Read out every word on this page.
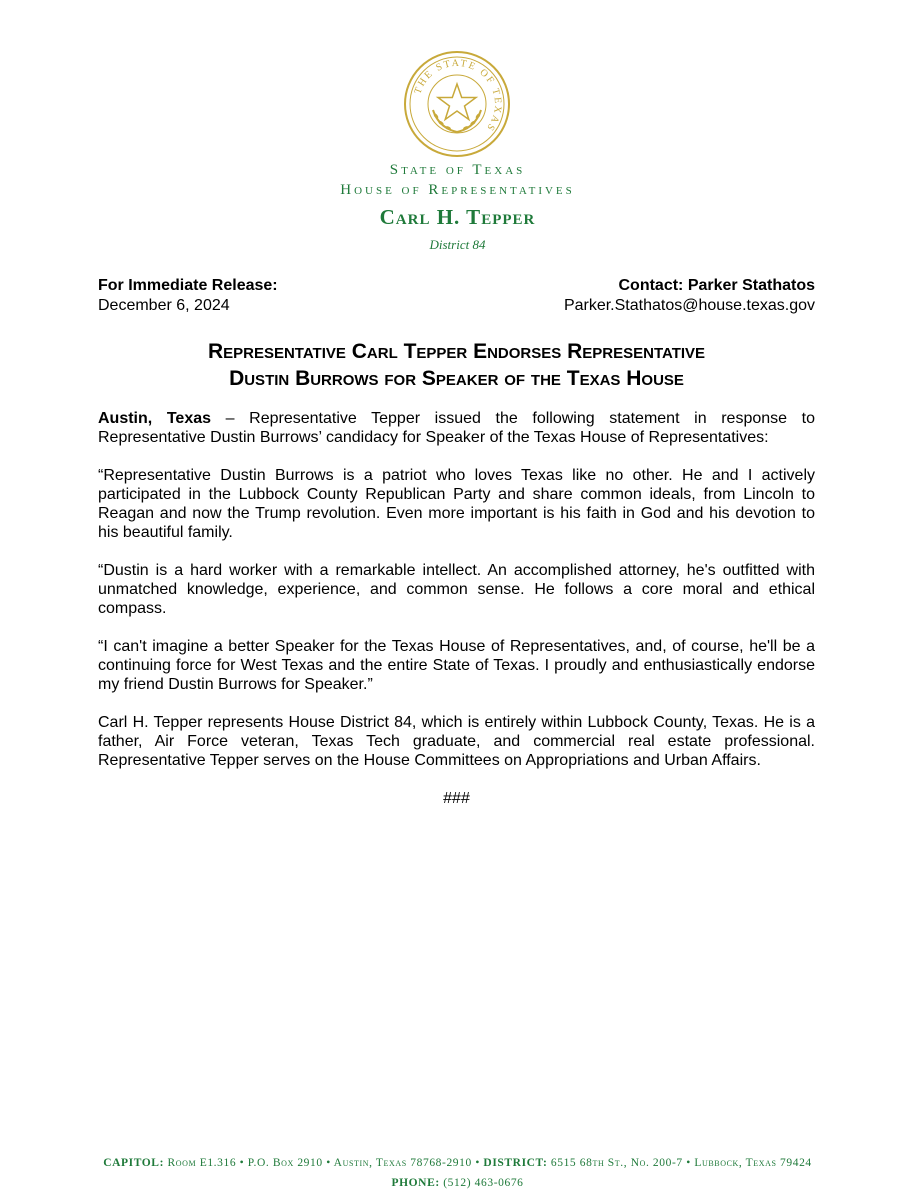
THE STATE OF TEXAS
State of Texas
House of Representatives
Carl H. Tepper
District 84
For Immediate Release:
December 6, 2024
Contact: Parker Stathatos
Parker.Stathatos@house.texas.gov
Representative Carl Tepper Endorses Representative
Dustin Burrows for Speaker of the Texas House

Austin, Texas – Representative Tepper issued the following statement in response to Representative Dustin Burrows’ candidacy for Speaker of the Texas House of Representatives:

“Representative Dustin Burrows is a patriot who loves Texas like no other. He and I actively participated in the Lubbock County Republican Party and share common ideals, from Lincoln to Reagan and now the Trump revolution. Even more important is his faith in God and his devotion to his beautiful family.

“Dustin is a hard worker with a remarkable intellect. An accomplished attorney, he's outfitted with unmatched knowledge, experience, and common sense. He follows a core moral and ethical compass.

“I can't imagine a better Speaker for the Texas House of Representatives, and, of course, he'll be a continuing force for West Texas and the entire State of Texas. I proudly and enthusiastically endorse my friend Dustin Burrows for Speaker.”

Carl H. Tepper represents House District 84, which is entirely within Lubbock County, Texas. He is a father, Air Force veteran, Texas Tech graduate, and commercial real estate professional. Representative Tepper serves on the House Committees on Appropriations and Urban Affairs.

###
CAPITOL: Room E1.316 • P.O. Box 2910 • Austin, Texas 78768-2910 • DISTRICT: 6515 68th St., No. 200-7 • Lubbock, Texas 79424
PHONE: (512) 463-0676
